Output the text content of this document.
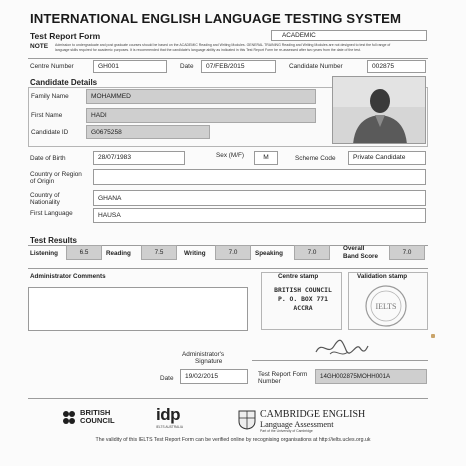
INTERNATIONAL ENGLISH LANGUAGE TESTING SYSTEM
Test Report Form	ACADEMIC
NOTE Admission to undergraduate and post graduate courses should be based on the ACADEMIC Reading and Writing Modules. GENERAL TRAINING Reading and Writing Modules are not designed to test the full range of language skills required for academic purposes. It is recommended that the candidate's language ability as indicated in this Test Report Form be re-assessed after two years from the date of the test.
Centre Number	GH001	Date	07/FEB/2015	Candidate Number	002875
Candidate Details
Family Name	MOHAMMED
First Name	HADI
Candidate ID	G0675258
Date of Birth	28/07/1983	Sex (M/F)	M	Scheme Code	Private Candidate
Country or Region
of Origin
Country of
Nationality
GHANA
First Language	HAUSA
Test Results
Listening	6.5	Reading	7.5	Writing	7.0	Speaking	7.0
Overall
Band Score
7.0
Administrator Comments	Centre stamp
BRITISH COUNCIL
P. O. BOX 771
ACCRA
Validation stamp
IELTS
Administrator's
Signature
Date	19/02/2015	Test Report Form
Number
14GH002875MOHH001A
BRITISH
COUNCIL idp
IELTS AUSTRALIA
CAMBRIDGE ENGLISH
Language Assessment
Part of the University of Cambridge
The validity of this IELTS Test Report Form can be verified online by recognising organisations at http://ielts.ucles.org.uk
